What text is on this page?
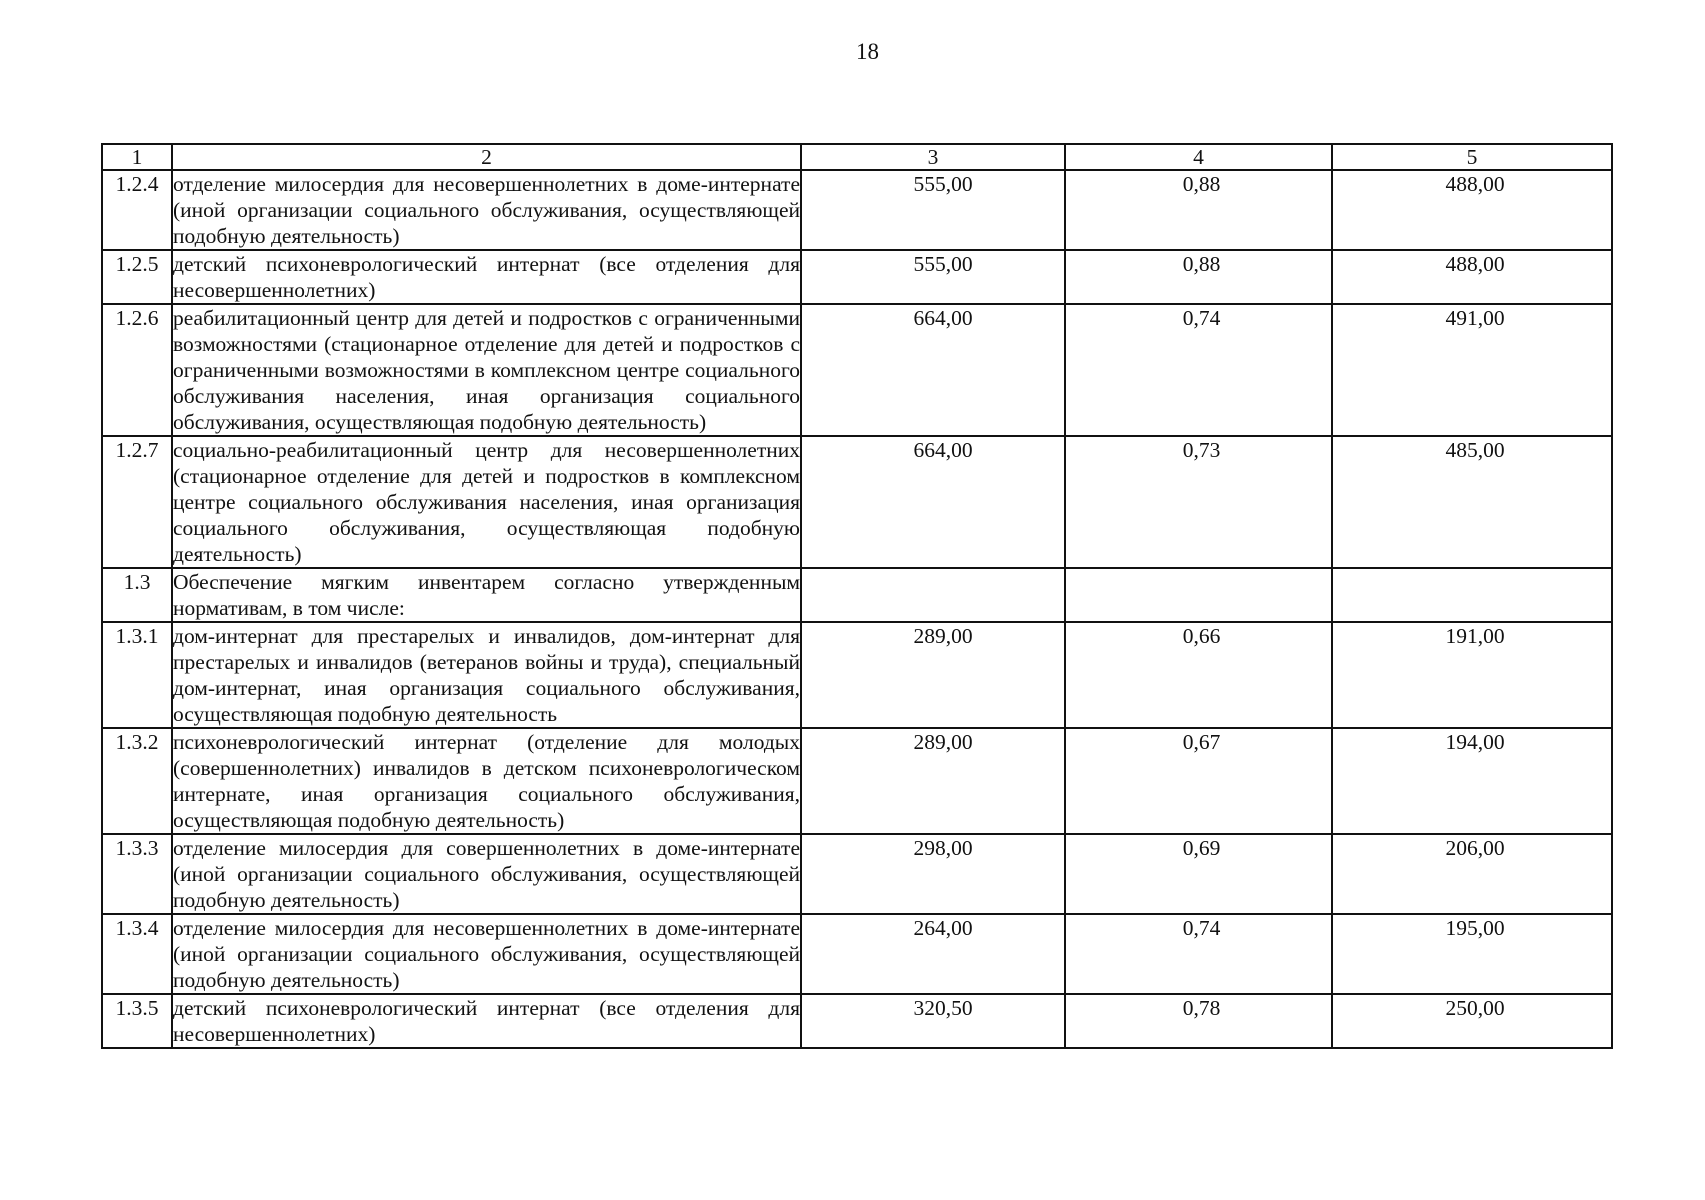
18
1	2	3	4	5
1.2.4	отделение милосердия для несовершеннолетних в доме-интернате (иной организации социального обслуживания, осуществляющей подобную деятельность)	555,00	0,88	488,00
1.2.5	детский психоневрологический интернат (все отделения для несовершеннолетних)	555,00	0,88	488,00
1.2.6	реабилитационный центр для детей и подростков с ограниченными возможностями (стационарное отделение для детей и подростков с ограниченными возможностями в комплексном центре социального обслуживания населения, иная организация социального обслуживания, осуществляющая подобную деятельность)	664,00	0,74	491,00
1.2.7	социально-реабилитационный центр для несовершеннолетних (стационарное отделение для детей и подростков в комплексном центре социального обслуживания населения, иная организация социального обслуживания, осуществляющая подобную деятельность)	664,00	0,73	485,00
1.3	Обеспечение мягким инвентарем согласно утвержденным нормативам, в том числе:			
1.3.1	дом-интернат для престарелых и инвалидов, дом-интернат для престарелых и инвалидов (ветеранов войны и труда), специальный дом-интернат, иная организация социального обслуживания, осуществляющая подобную деятельность	289,00	0,66	191,00
1.3.2	психоневрологический интернат (отделение для молодых (совершеннолетних) инвалидов в детском психоневрологическом интернате, иная организация социального обслуживания, осуществляющая подобную деятельность)	289,00	0,67	194,00
1.3.3	отделение милосердия для совершеннолетних в доме-интернате (иной организации социального обслуживания, осуществляющей подобную деятельность)	298,00	0,69	206,00
1.3.4	отделение милосердия для несовершеннолетних в доме-интернате (иной организации социального обслуживания, осуществляющей подобную деятельность)	264,00	0,74	195,00
1.3.5	детский психоневрологический интернат (все отделения для несовершеннолетних)	320,50	0,78	250,00
